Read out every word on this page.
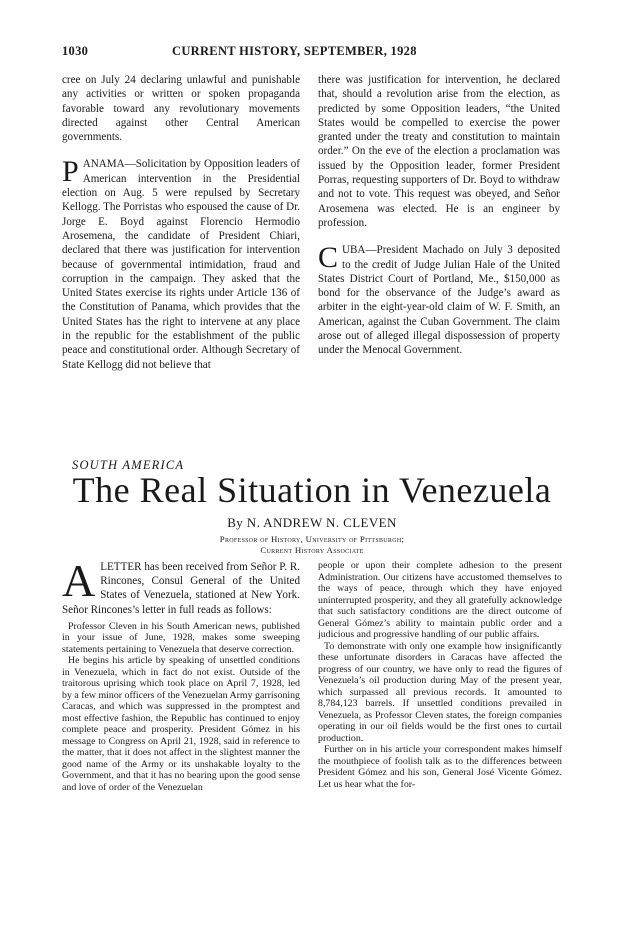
1030	CURRENT HISTORY, SEPTEMBER, 1928

cree on July 24 declaring unlawful and punishable any activities or written or spoken propaganda favorable toward any revolutionary movements directed against other Central American governments.

PANAMA—Solicitation by Opposition leaders of American intervention in the Presidential election on Aug. 5 were repulsed by Secretary Kellogg. The Porristas who espoused the cause of Dr. Jorge E. Boyd against Florencio Hermodio Arosemena, the candidate of President Chiari, declared that there was justification for intervention because of governmental intimidation, fraud and corruption in the campaign. They asked that the United States exercise its rights under Article 136 of the Constitution of Panama, which provides that the United States has the right to intervene at any place in the republic for the establishment of the public peace and constitutional order. Although Secretary of State Kellogg did not believe that

there was justification for intervention, he declared that, should a revolution arise from the election, as predicted by some Opposition leaders, “the United States would be compelled to exercise the power granted under the treaty and constitution to maintain order.” On the eve of the election a proclamation was issued by the Opposition leader, former President Porras, requesting supporters of Dr. Boyd to withdraw and not to vote. This request was obeyed, and Señor Arosemena was elected. He is an engineer by profession.

CUBA—President Machado on July 3 deposited to the credit of Judge Julian Hale of the United States District Court of Portland, Me., $150,000 as bond for the observance of the Judge’s award as arbiter in the eight-year-old claim of W. F. Smith, an American, against the Cuban Government. The claim arose out of alleged illegal dispossession of property under the Menocal Government.

SOUTH AMERICA
The Real Situation in Venezuela
By N. ANDREW N. CLEVEN
Professor of History, University of Pittsburgh;
Current History Associate

ALETTER has been received from Señor P. R. Rincones, Consul General of the United States of Venezuela, stationed at New York. Señor Rincones’s letter in full reads as follows:

Professor Cleven in his South American news, published in your issue of June, 1928, makes some sweeping statements pertaining to Venezuela that deserve correction.

He begins his article by speaking of unsettled conditions in Venezuela, which in fact do not exist. Outside of the traitorous uprising which took place on April 7, 1928, led by a few minor officers of the Venezuelan Army garrisoning Caracas, and which was suppressed in the promptest and most effective fashion, the Republic has continued to enjoy complete peace and prosperity. President Gómez in his message to Congress on April 21, 1928, said in reference to the matter, that it does not affect in the slightest manner the good name of the Army or its unshakable loyalty to the Government, and that it has no bearing upon the good sense and love of order of the Venezuelan

people or upon their complete adhesion to the present Administration. Our citizens have accustomed themselves to the ways of peace, through which they have enjoyed uninterrupted prosperity, and they all gratefully acknowledge that such satisfactory conditions are the direct outcome of General Gómez’s ability to maintain public order and a judicious and progressive handling of our public affairs.

To demonstrate with only one example how insignificantly these unfortunate disorders in Caracas have affected the progress of our country, we have only to read the figures of Venezuela’s oil production during May of the present year, which surpassed all previous records. It amounted to 8,784,123 barrels. If unsettled conditions prevailed in Venezuela, as Professor Cleven states, the foreign companies operating in our oil fields would be the first ones to curtail production.

Further on in his article your correspondent makes himself the mouthpiece of foolish talk as to the differences between President Gómez and his son, General José Vicente Gómez. Let us hear what the for-
